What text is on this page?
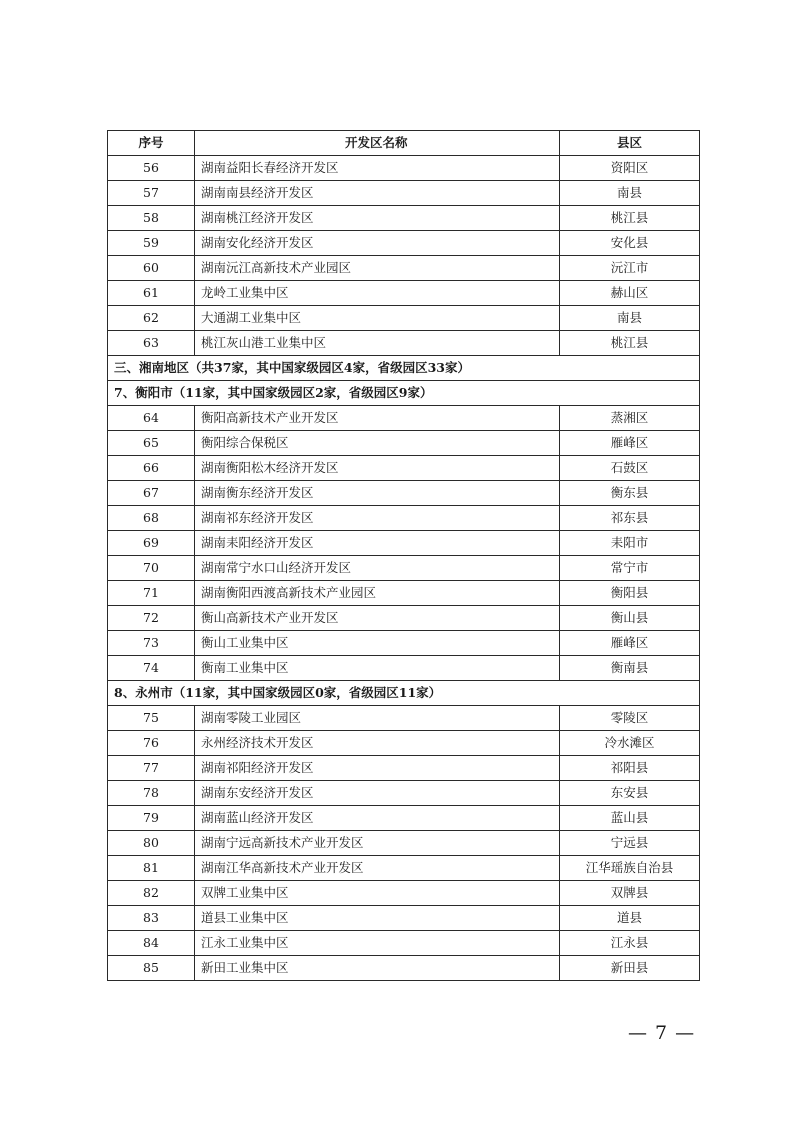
序号	开发区名称	县区
56	湖南益阳长春经济开发区	资阳区
57	湖南南县经济开发区	南县
58	湖南桃江经济开发区	桃江县
59	湖南安化经济开发区	安化县
60	湖南沅江高新技术产业园区	沅江市
61	龙岭工业集中区	赫山区
62	大通湖工业集中区	南县
63	桃江灰山港工业集中区	桃江县
三、湘南地区（共37家，其中国家级园区4家，省级园区33家）		
7、衡阳市（11家，其中国家级园区2家，省级园区9家）		
64	衡阳高新技术产业开发区	蒸湘区
65	衡阳综合保税区	雁峰区
66	湖南衡阳松木经济开发区	石鼓区
67	湖南衡东经济开发区	衡东县
68	湖南祁东经济开发区	祁东县
69	湖南耒阳经济开发区	耒阳市
70	湖南常宁水口山经济开发区	常宁市
71	湖南衡阳西渡高新技术产业园区	衡阳县
72	衡山高新技术产业开发区	衡山县
73	衡山工业集中区	雁峰区
74	衡南工业集中区	衡南县
8、永州市（11家，其中国家级园区0家，省级园区11家）		
75	湖南零陵工业园区	零陵区
76	永州经济技术开发区	冷水滩区
77	湖南祁阳经济开发区	祁阳县
78	湖南东安经济开发区	东安县
79	湖南蓝山经济开发区	蓝山县
80	湖南宁远高新技术产业开发区	宁远县
81	湖南江华高新技术产业开发区	江华瑶族自治县
82	双牌工业集中区	双牌县
83	道县工业集中区	道县
84	江永工业集中区	江永县
85	新田工业集中区	新田县
— 7 —
